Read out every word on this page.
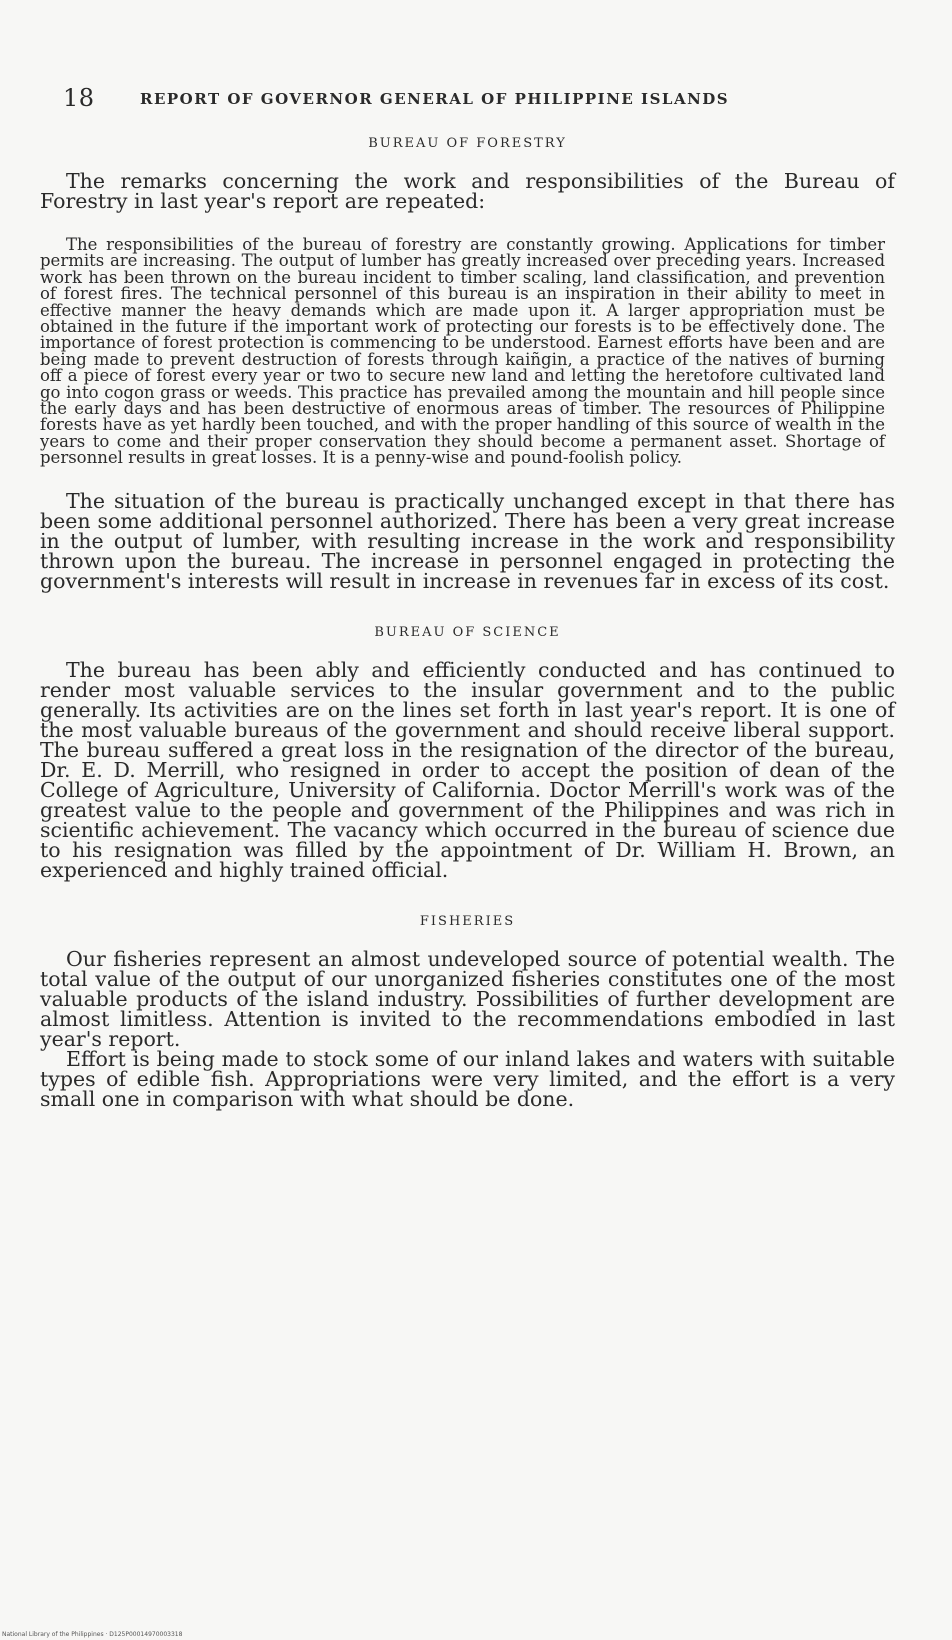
18	REPORT OF GOVERNOR GENERAL OF PHILIPPINE ISLANDS
BUREAU OF FORESTRY

The remarks concerning the work and responsibilities of the Bureau of Forestry in last year's report are repeated:

The responsibilities of the bureau of forestry are constantly growing. Applications for timber permits are increasing. The output of lumber has greatly increased over preceding years. Increased work has been thrown on the bureau incident to timber scaling, land classification, and prevention of forest fires. The technical personnel of this bureau is an inspiration in their ability to meet in effective manner the heavy demands which are made upon it. A larger appropriation must be obtained in the future if the important work of protecting our forests is to be effectively done. The importance of forest protection is commencing to be understood. Earnest efforts have been and are being made to prevent destruction of forests through kaiñgin, a practice of the natives of burning off a piece of forest every year or two to secure new land and letting the heretofore cultivated land go into cogon grass or weeds. This practice has prevailed among the mountain and hill people since the early days and has been destructive of enormous areas of timber. The resources of Philippine forests have as yet hardly been touched, and with the proper handling of this source of wealth in the years to come and their proper conservation they should become a permanent asset. Shortage of personnel results in great losses. It is a penny-wise and pound-foolish policy.

The situation of the bureau is practically unchanged except in that there has been some additional personnel authorized. There has been a very great increase in the output of lumber, with resulting increase in the work and responsibility thrown upon the bureau. The increase in personnel engaged in protecting the government's interests will result in increase in revenues far in excess of its cost.

BUREAU OF SCIENCE

The bureau has been ably and efficiently conducted and has continued to render most valuable services to the insular government and to the public generally. Its activities are on the lines set forth in last year's report. It is one of the most valuable bureaus of the government and should receive liberal support. The bureau suffered a great loss in the resignation of the director of the bureau, Dr. E. D. Merrill, who resigned in order to accept the position of dean of the College of Agriculture, University of California. Doctor Merrill's work was of the greatest value to the people and government of the Philippines and was rich in scientific achievement. The vacancy which occurred in the bureau of science due to his resignation was filled by the appointment of Dr. William H. Brown, an experienced and highly trained official.

FISHERIES

Our fisheries represent an almost undeveloped source of potential wealth. The total value of the output of our unorganized fisheries constitutes one of the most valuable products of the island industry. Possibilities of further development are almost limitless. Attention is invited to the recommendations embodied in last year's report.

Effort is being made to stock some of our inland lakes and waters with suitable types of edible fish. Appropriations were very limited, and the effort is a very small one in comparison with what should be done.

National Library of the Philippines · D125P00014970003318
